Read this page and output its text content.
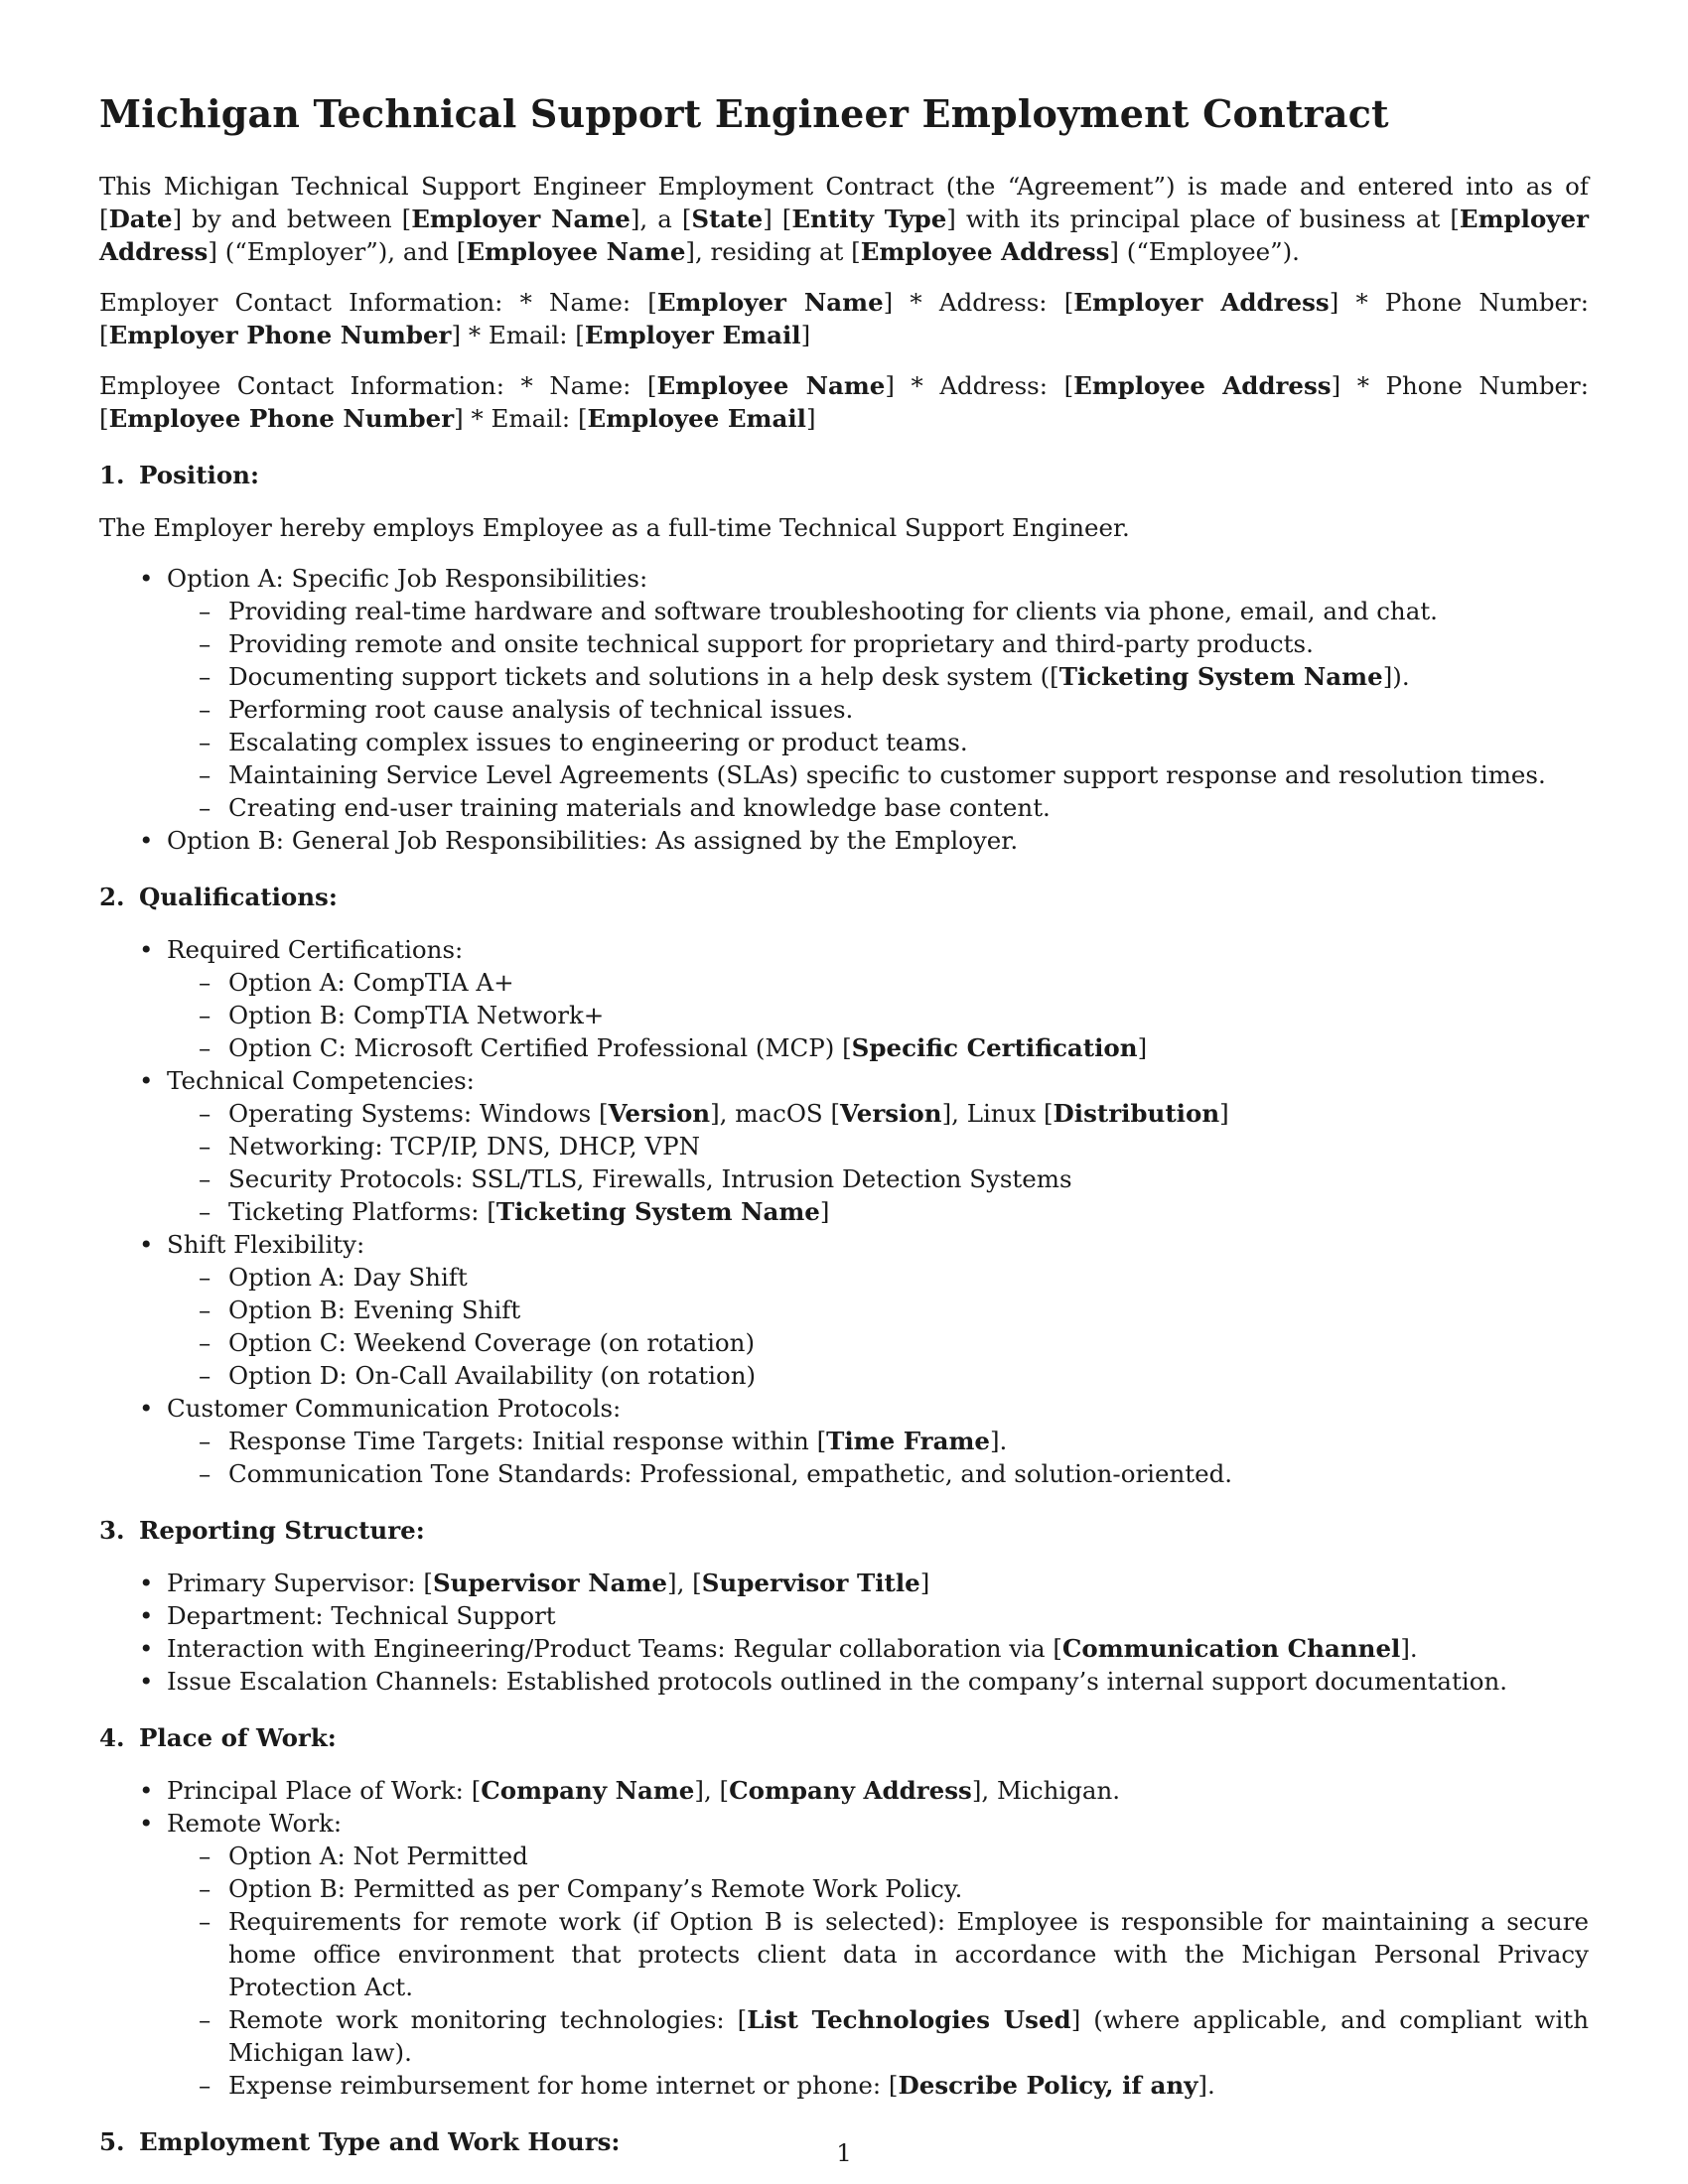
Michigan Technical Support Engineer Employment Contract

This Michigan Technical Support Engineer Employment Contract (the “Agreement”) is made and entered into as of [Date] by and between [Employer Name], a [State] [Entity Type] with its principal place of business at [Employer Address] (“Employer”), and [Employee Name], residing at [Employee Address] (“Employee”).

Employer Contact Information: * Name: [Employer Name] * Address: [Employer Address] * Phone Number: [Employer Phone Number] * Email: [Employer Email]

Employee Contact Information: * Name: [Employee Name] * Address: [Employee Address] * Phone Number: [Employee Phone Number] * Email: [Employee Email]

1. Position:

The Employer hereby employs Employee as a full-time Technical Support Engineer.

• Option A: Specific Job Responsibilities:
– Providing real-time hardware and software troubleshooting for clients via phone, email, and chat.
– Providing remote and onsite technical support for proprietary and third-party products.
– Documenting support tickets and solutions in a help desk system ([Ticketing System Name]).
– Performing root cause analysis of technical issues.
– Escalating complex issues to engineering or product teams.
– Maintaining Service Level Agreements (SLAs) specific to customer support response and resolution times.
– Creating end-user training materials and knowledge base content.
• Option B: General Job Responsibilities: As assigned by the Employer.
2. Qualifications:
• Required Certifications:
– Option A: CompTIA A+
– Option B: CompTIA Network+
– Option C: Microsoft Certified Professional (MCP) [Specific Certification]
• Technical Competencies:
– Operating Systems: Windows [Version], macOS [Version], Linux [Distribution]
– Networking: TCP/IP, DNS, DHCP, VPN
– Security Protocols: SSL/TLS, Firewalls, Intrusion Detection Systems
– Ticketing Platforms: [Ticketing System Name]
• Shift Flexibility:
– Option A: Day Shift
– Option B: Evening Shift
– Option C: Weekend Coverage (on rotation)
– Option D: On-Call Availability (on rotation)
• Customer Communication Protocols:
– Response Time Targets: Initial response within [Time Frame].
– Communication Tone Standards: Professional, empathetic, and solution-oriented.
3. Reporting Structure:
• Primary Supervisor: [Supervisor Name], [Supervisor Title]
• Department: Technical Support
• Interaction with Engineering/Product Teams: Regular collaboration via [Communication Channel].
• Issue Escalation Channels: Established protocols outlined in the company’s internal support documentation.
4. Place of Work:
• Principal Place of Work: [Company Name], [Company Address], Michigan.
• Remote Work:
– Option A: Not Permitted
– Option B: Permitted as per Company’s Remote Work Policy.
– Requirements for remote work (if Option B is selected): Employee is responsible for maintaining a secure home office environment that protects client data in accordance with the Michigan Personal Privacy Protection Act.
– Remote work monitoring technologies: [List Technologies Used] (where applicable, and compliant with Michigan law).
– Expense reimbursement for home internet or phone: [Describe Policy, if any].
5. Employment Type and Work Hours:	1
